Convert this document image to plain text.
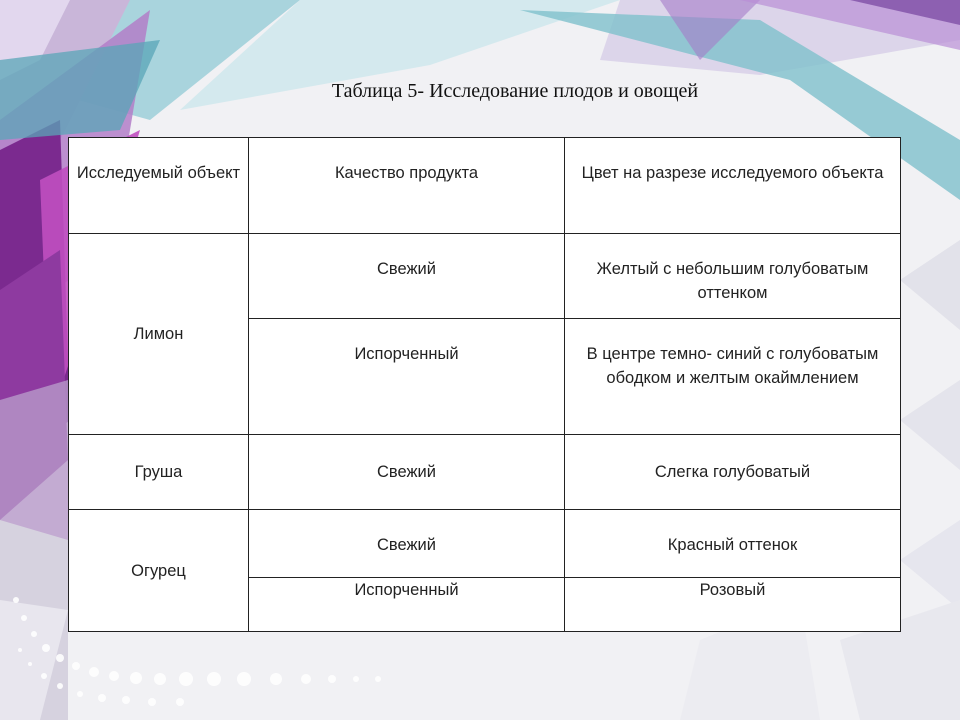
Таблица 5- Исследование плодов и овощей
Исследуемый объект	Качество продукта	Цвет на разрезе исследуемого объекта
Лимон	Свежий	Желтый с небольшим голубоватым оттенком
	Испорченный	В центре темно- синий с голубоватым ободком и желтым окаймлением
Груша	Свежий	Слегка голубоватый
Огурец	Свежий	Красный оттенок
	Испорченный	Розовый
